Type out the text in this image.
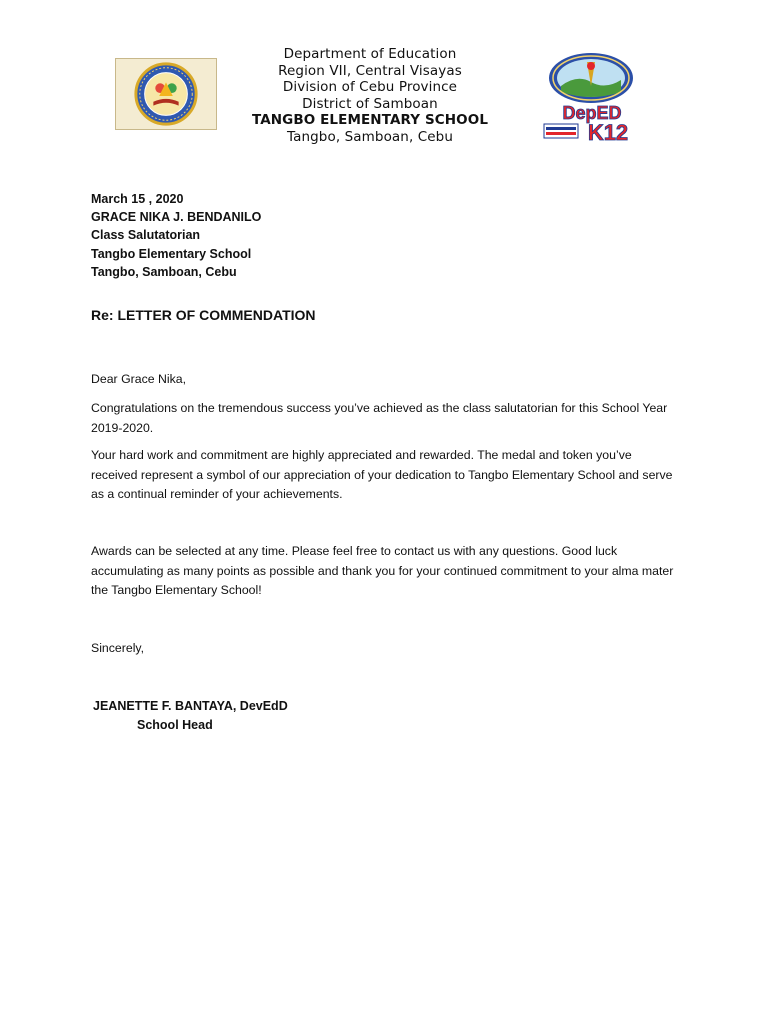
Department of Education
Region VII, Central Visayas
Division of Cebu Province
District of Samboan
TANGBO ELEMENTARY SCHOOL
Tangbo, Samboan, Cebu
DepED
K12
March 15 , 2020
GRACE NIKA J. BENDANILO
Class Salutatorian
Tangbo Elementary School
Tangbo, Samboan, Cebu
Re: LETTER OF COMMENDATION
Dear Grace Nika,
Congratulations on the tremendous success you’ve achieved as the class salutatorian for this School Year 2019-2020.
Your hard work and commitment are highly appreciated and rewarded. The medal and token you’ve received represent a symbol of our appreciation of your dedication to Tangbo Elementary School and serve as a continual reminder of your achievements.
Awards can be selected at any time. Please feel free to contact us with any questions. Good luck accumulating as many points as possible and thank you for your continued commitment to your alma mater the Tangbo Elementary School!
Sincerely,
JEANETTE F. BANTAYA, DevEdD
School Head
